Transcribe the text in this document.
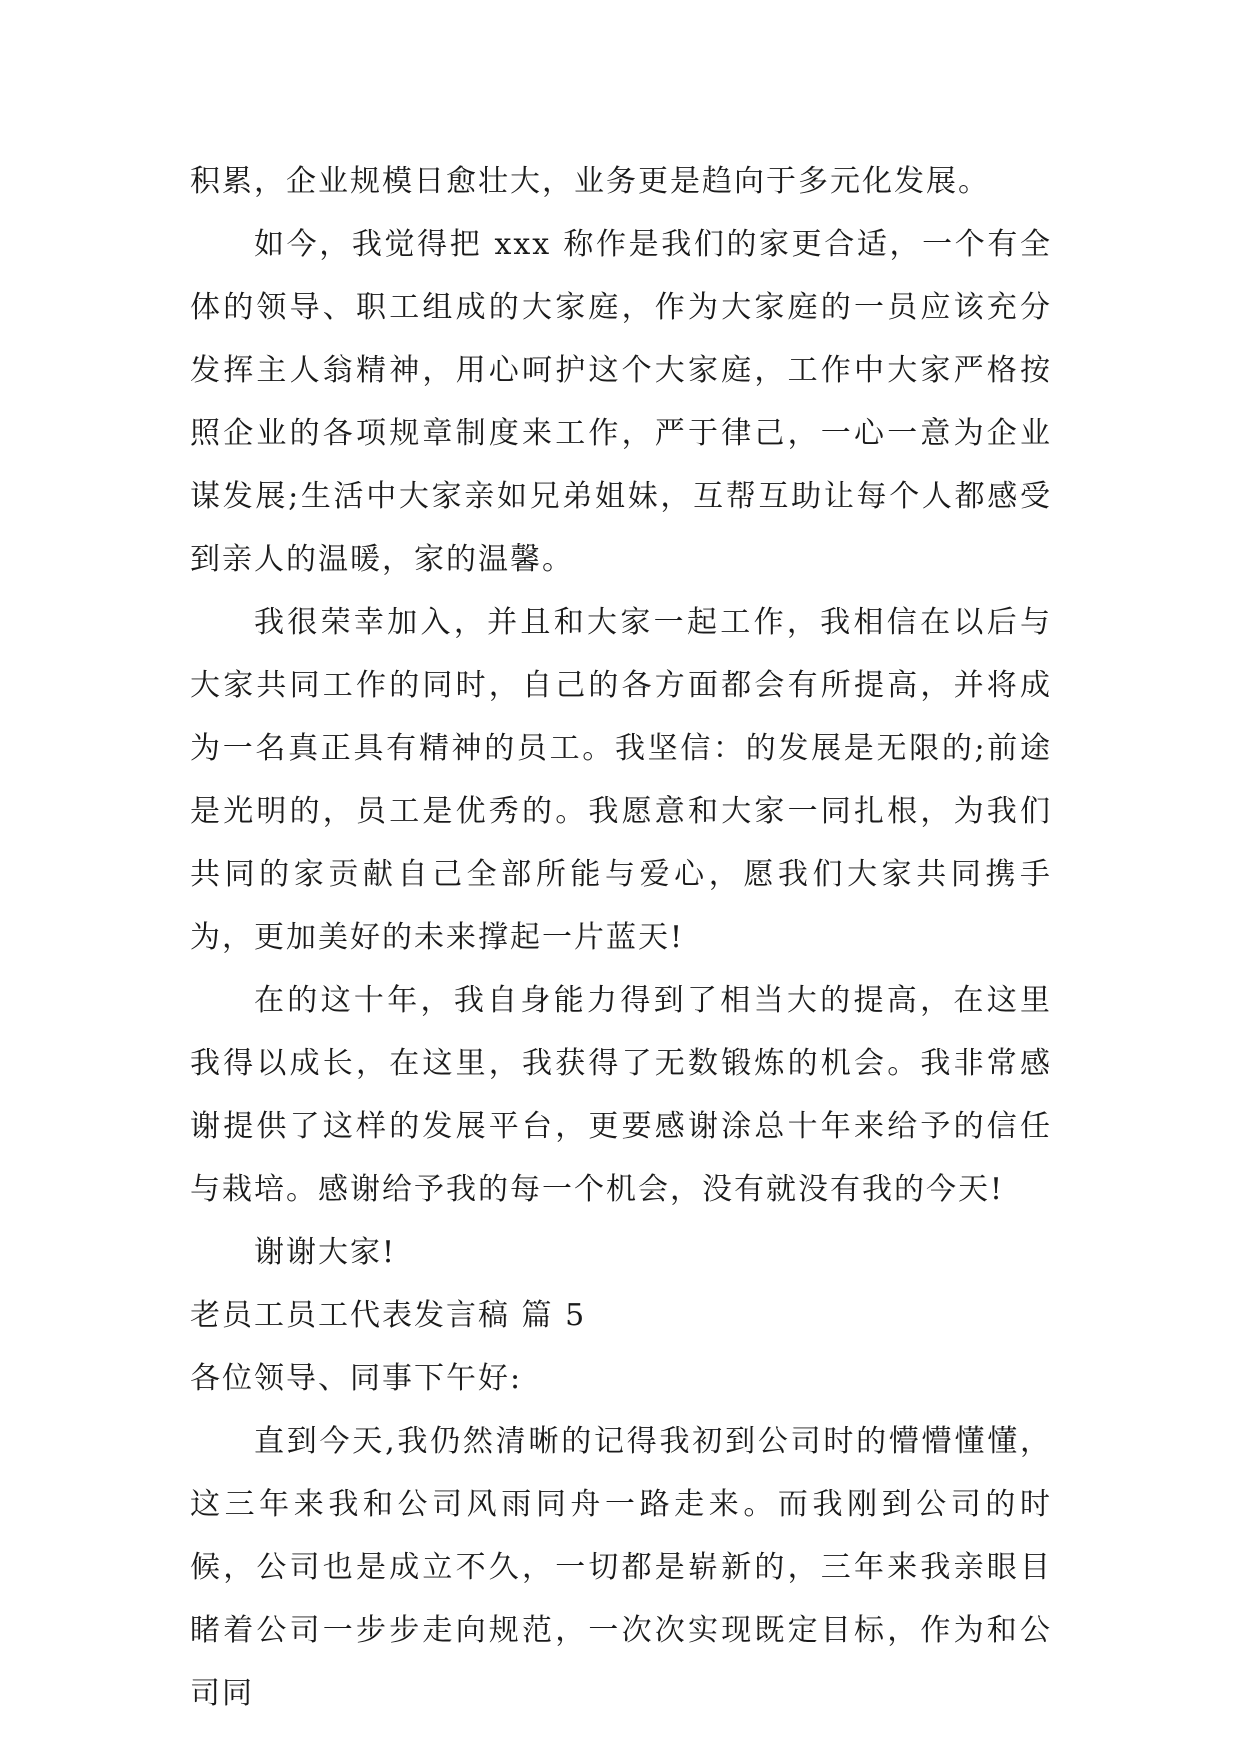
积累，企业规模日愈壮大，业务更是趋向于多元化发展。

如今，我觉得把 xxx 称作是我们的家更合适，一个有全体的领导、职工组成的大家庭，作为大家庭的一员应该充分发挥主人翁精神，用心呵护这个大家庭，工作中大家严格按照企业的各项规章制度来工作，严于律己，一心一意为企业谋发展;生活中大家亲如兄弟姐妹，互帮互助让每个人都感受到亲人的温暖，家的温馨。

我很荣幸加入，并且和大家一起工作，我相信在以后与大家共同工作的同时，自己的各方面都会有所提高，并将成为一名真正具有精神的员工。我坚信：的发展是无限的;前途是光明的，员工是优秀的。我愿意和大家一同扎根，为我们共同的家贡献自己全部所能与爱心，愿我们大家共同携手为，更加美好的未来撑起一片蓝天!

在的这十年，我自身能力得到了相当大的提高，在这里我得以成长，在这里，我获得了无数锻炼的机会。我非常感谢提供了这样的发展平台，更要感谢涂总十年来给予的信任与栽培。感谢给予我的每一个机会，没有就没有我的今天!

谢谢大家!

老员工员工代表发言稿 篇 5

各位领导、同事下午好:

直到今天,我仍然清晰的记得我初到公司时的懵懵懂懂，这三年来我和公司风雨同舟一路走来。而我刚到公司的时候，公司也是成立不久，一切都是崭新的，三年来我亲眼目睹着公司一步步走向规范，一次次实现既定目标，作为和公司同
